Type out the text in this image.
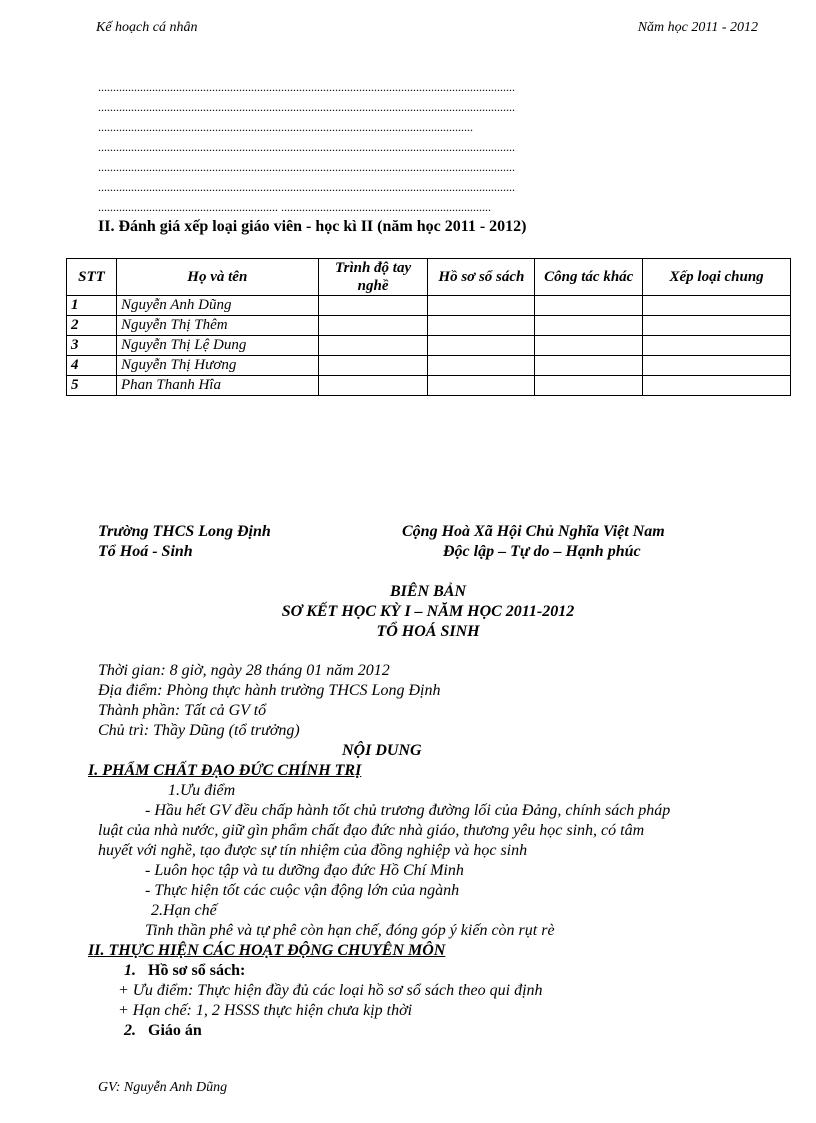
Kế hoạch cá nhân	Năm học 2011 - 2012
...........................................................................................................................................
...........................................................................................................................................
.............................................................................................................................
...........................................................................................................................................
...........................................................................................................................................
...........................................................................................................................................
............................................................ ......................................................................
II. Đánh giá xếp loại giáo viên - học kì II (năm học 2011 - 2012)
STT	Họ và tên	Trình độ tay nghề	Hồ sơ sổ sách	Công tác khác	Xếp loại chung
1	Nguyễn Anh Dũng				
2	Nguyễn Thị Thêm				
3	Nguyễn Thị Lệ Dung				
4	Nguyễn Thị Hương				
5	Phan Thanh Hîa				
Trường THCS Long Định
Tổ Hoá - Sinh
Cộng Hoà Xã Hội Chủ Nghĩa Việt Nam
Độc lập – Tự do – Hạnh phúc
BIÊN BẢN
SƠ KẾT HỌC KỲ I – NĂM HỌC 2011-2012
TỔ HOÁ SINH
Thời gian: 8 giờ, ngày 28 tháng 01 năm 2012
Địa điểm: Phòng thực hành trường THCS Long Định
Thành phần: Tất cả GV tổ
Chủ trì: Thầy Dũng (tổ trưởng)
NỘI DUNG
I. PHẨM CHẤT ĐẠO ĐỨC CHÍNH TRỊ
1.Ưu điểm
- Hầu hết GV đều chấp hành tốt chủ trương đường lối của Đảng, chính sách pháp
luật của nhà nước, giữ gìn phẩm chất đạo đức nhà giáo, thương yêu học sinh, có tâm
huyết với nghề, tạo được sự tín nhiệm của đồng nghiệp và học sinh
- Luôn học tập và tu dưỡng đạo đức Hồ Chí Minh
- Thực hiện tốt các cuộc vận động lớn của ngành
2.Hạn chế
Tinh thần phê và tự phê còn hạn chế, đóng góp ý kiến còn rụt rè
II. THỰC HIỆN CÁC HOẠT ĐỘNG CHUYÊN MÔN
1. Hồ sơ sổ sách:
+ Ưu điểm: Thực hiện đầy đủ các loại hồ sơ sổ sách theo qui định
+ Hạn chế: 1, 2 HSSS thực hiện chưa kịp thời
2. Giáo án
GV: Nguyễn Anh Dũng
